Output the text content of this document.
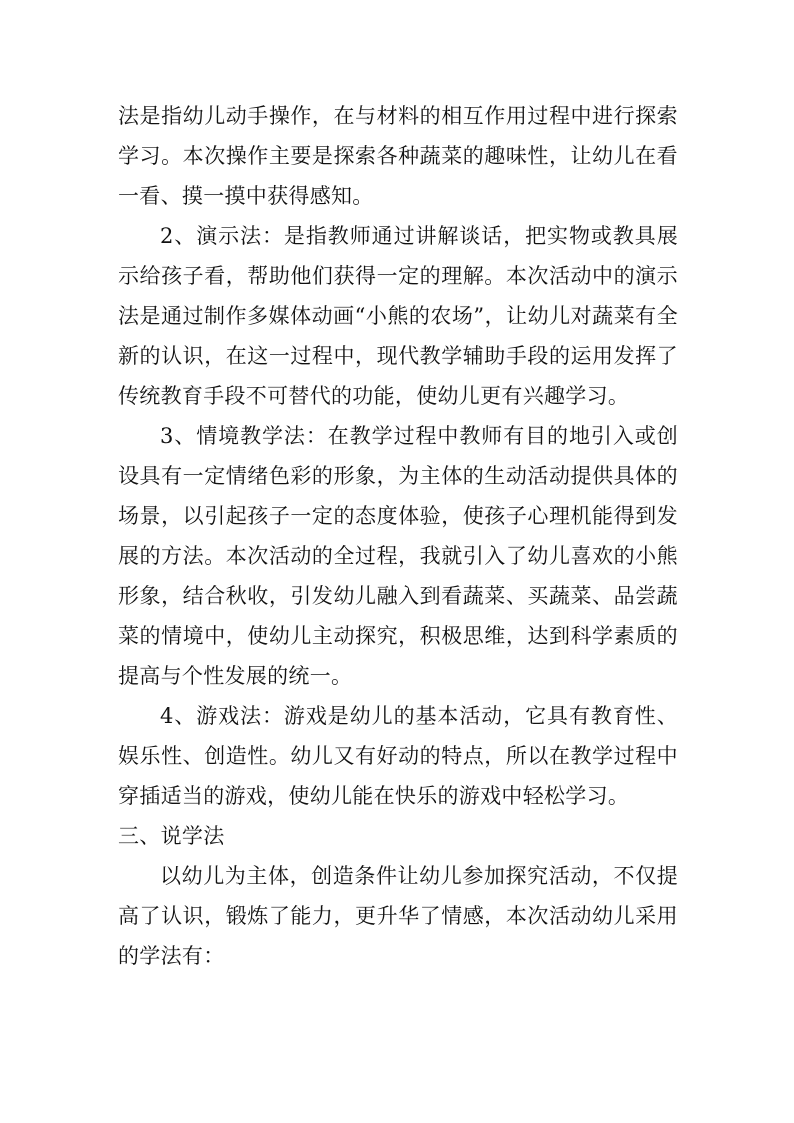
法是指幼儿动手操作，在与材料的相互作用过程中进行探索学习。本次操作主要是探索各种蔬菜的趣味性，让幼儿在看一看、摸一摸中获得感知。

2、演示法：是指教师通过讲解谈话，把实物或教具展示给孩子看，帮助他们获得一定的理解。本次活动中的演示法是通过制作多媒体动画“小熊的农场”，让幼儿对蔬菜有全新的认识，在这一过程中，现代教学辅助手段的运用发挥了传统教育手段不可替代的功能，使幼儿更有兴趣学习。

3、情境教学法：在教学过程中教师有目的地引入或创设具有一定情绪色彩的形象，为主体的生动活动提供具体的场景，以引起孩子一定的态度体验，使孩子心理机能得到发展的方法。本次活动的全过程，我就引入了幼儿喜欢的小熊形象，结合秋收，引发幼儿融入到看蔬菜、买蔬菜、品尝蔬菜的情境中，使幼儿主动探究，积极思维，达到科学素质的提高与个性发展的统一。

4、游戏法：游戏是幼儿的基本活动，它具有教育性、娱乐性、创造性。幼儿又有好动的特点，所以在教学过程中穿插适当的游戏，使幼儿能在快乐的游戏中轻松学习。

三、说学法

以幼儿为主体，创造条件让幼儿参加探究活动，不仅提高了认识，锻炼了能力，更升华了情感，本次活动幼儿采用的学法有：
